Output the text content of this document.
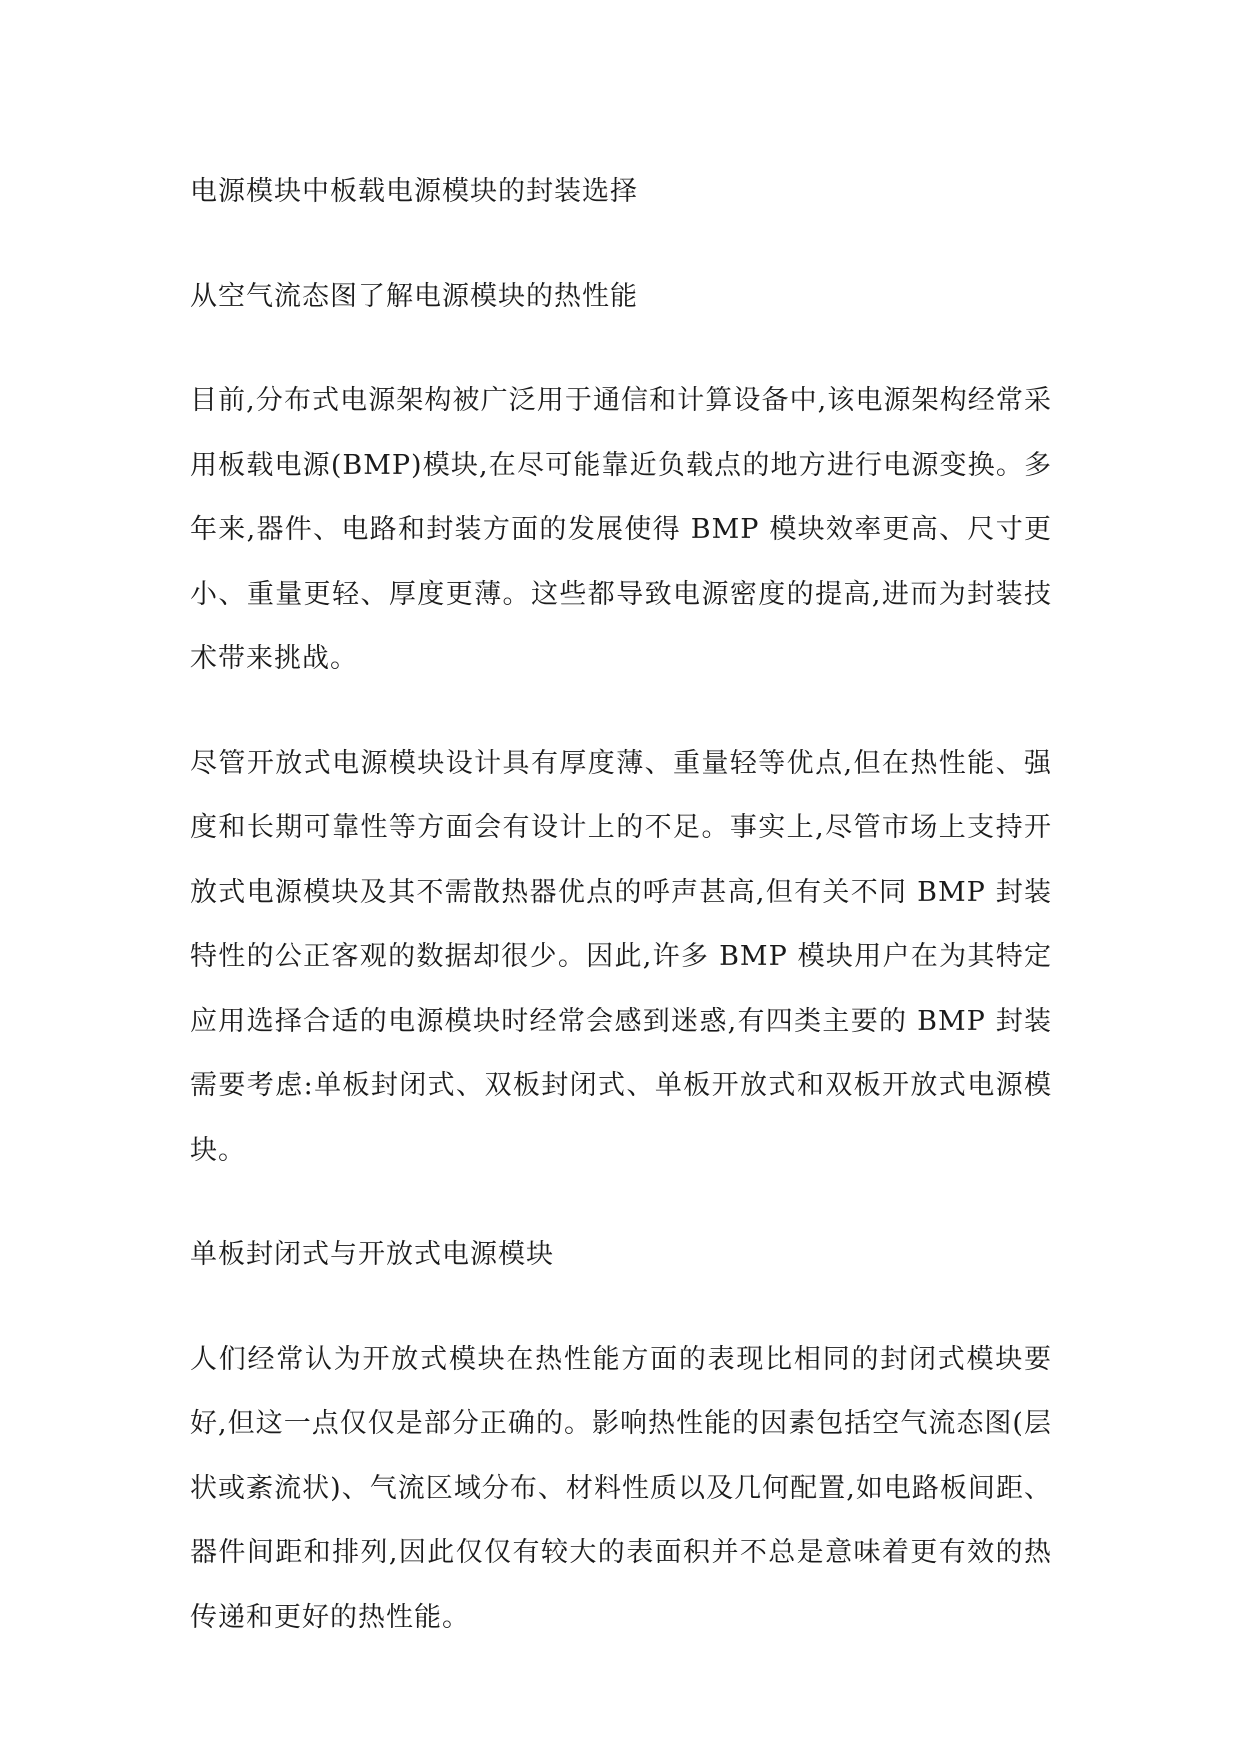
电源模块中板载电源模块的封装选择

从空气流态图了解电源模块的热性能

目前,分布式电源架构被广泛用于通信和计算设备中,该电源架构经常采用板载电源(BMP)模块,在尽可能靠近负载点的地方进行电源变换。多年来,器件、电路和封装方面的发展使得 BMP 模块效率更高、尺寸更小、重量更轻、厚度更薄。这些都导致电源密度的提高,进而为封装技术带来挑战。

尽管开放式电源模块设计具有厚度薄、重量轻等优点,但在热性能、强度和长期可靠性等方面会有设计上的不足。事实上,尽管市场上支持开放式电源模块及其不需散热器优点的呼声甚高,但有关不同 BMP 封装特性的公正客观的数据却很少。因此,许多 BMP 模块用户在为其特定应用选择合适的电源模块时经常会感到迷惑,有四类主要的 BMP 封装需要考虑:单板封闭式、双板封闭式、单板开放式和双板开放式电源模块。

单板封闭式与开放式电源模块

人们经常认为开放式模块在热性能方面的表现比相同的封闭式模块要好,但这一点仅仅是部分正确的。影响热性能的因素包括空气流态图(层状或紊流状)、气流区域分布、材料性质以及几何配置,如电路板间距、器件间距和排列,因此仅仅有较大的表面积并不总是意味着更有效的热传递和更好的热性能。
